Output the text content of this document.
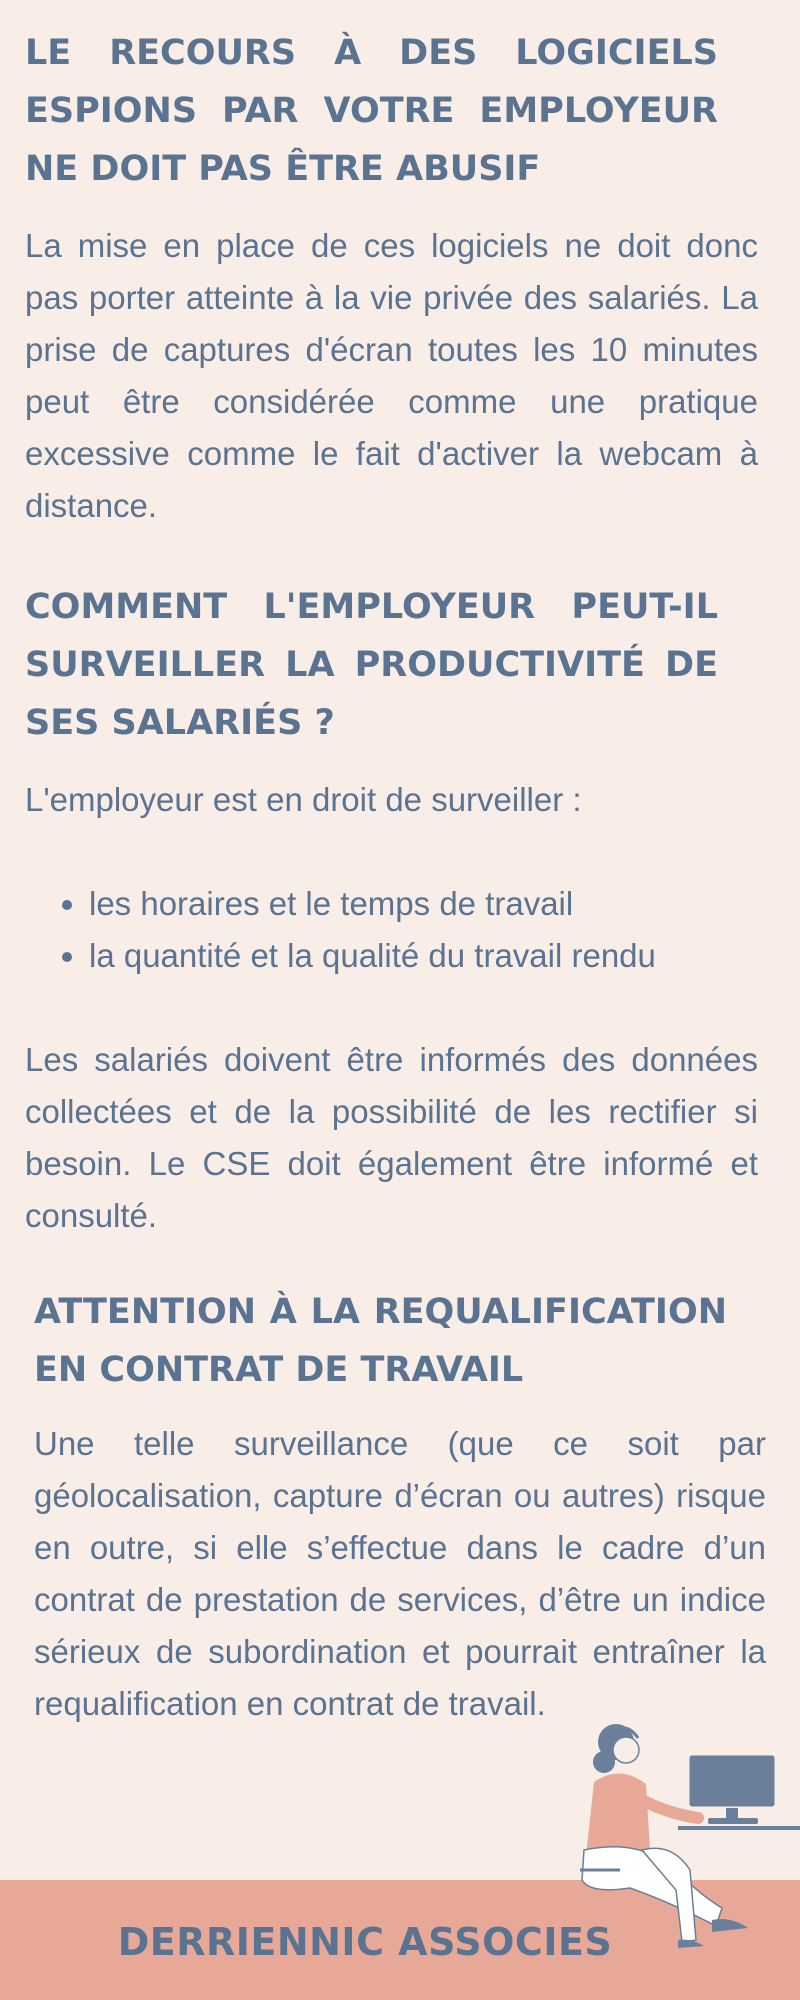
LE RECOURS À DES LOGICIELS ESPIONS PAR VOTRE EMPLOYEUR NE DOIT PAS ÊTRE ABUSIF

La mise en place de ces logiciels ne doit donc pas porter atteinte à la vie privée des salariés. La prise de captures d'écran toutes les 10 minutes peut être considérée comme une pratique excessive comme le fait d'activer la webcam à distance.

COMMENT L'EMPLOYEUR PEUT-IL SURVEILLER LA PRODUCTIVITÉ DE SES SALARIÉS ?

L'employeur est en droit de surveiller :

• les horaires et le temps de travail
• la quantité et la qualité du travail rendu

Les salariés doivent être informés des données collectées et de la possibilité de les rectifier si besoin. Le CSE doit également être informé et consulté.

ATTENTION À LA REQUALIFICATION EN CONTRAT DE TRAVAIL

Une telle surveillance (que ce soit par géolocalisation, capture d’écran ou autres) risque en outre, si elle s’effectue dans le cadre d’un contrat de prestation de services, d’être un indice sérieux de subordination et pourrait entraîner la requalification en contrat de travail.

DERRIENNIC ASSOCIES
